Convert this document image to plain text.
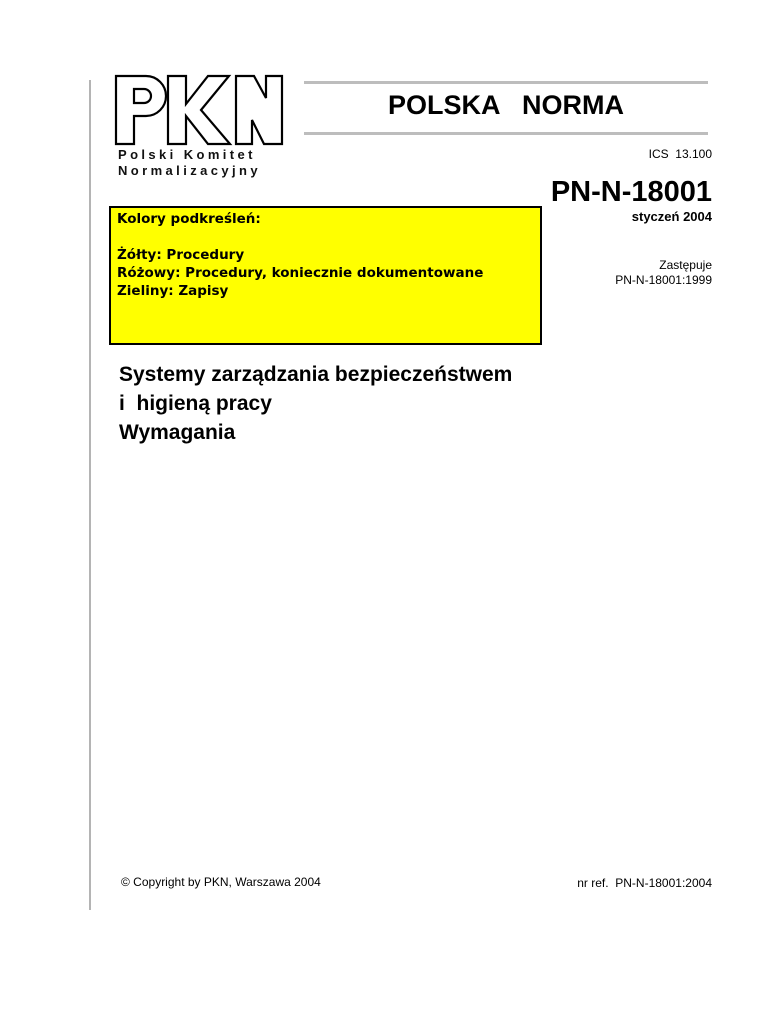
Polski Komitet
Normalizacyjny
POLSKA   NORMA
ICS  13.100
PN-N-18001
styczeń 2004
Zastępuje
PN-N-18001:1999
Kolory podkreśleń:
Żółty: Procedury
Różowy: Procedury, koniecznie dokumentowane
Zieliny: Zapisy
Systemy zarządzania bezpieczeństwem
i  higieną pracy
Wymagania
© Copyright by PKN, Warszawa 2004	nr ref.  PN-N-18001:2004
